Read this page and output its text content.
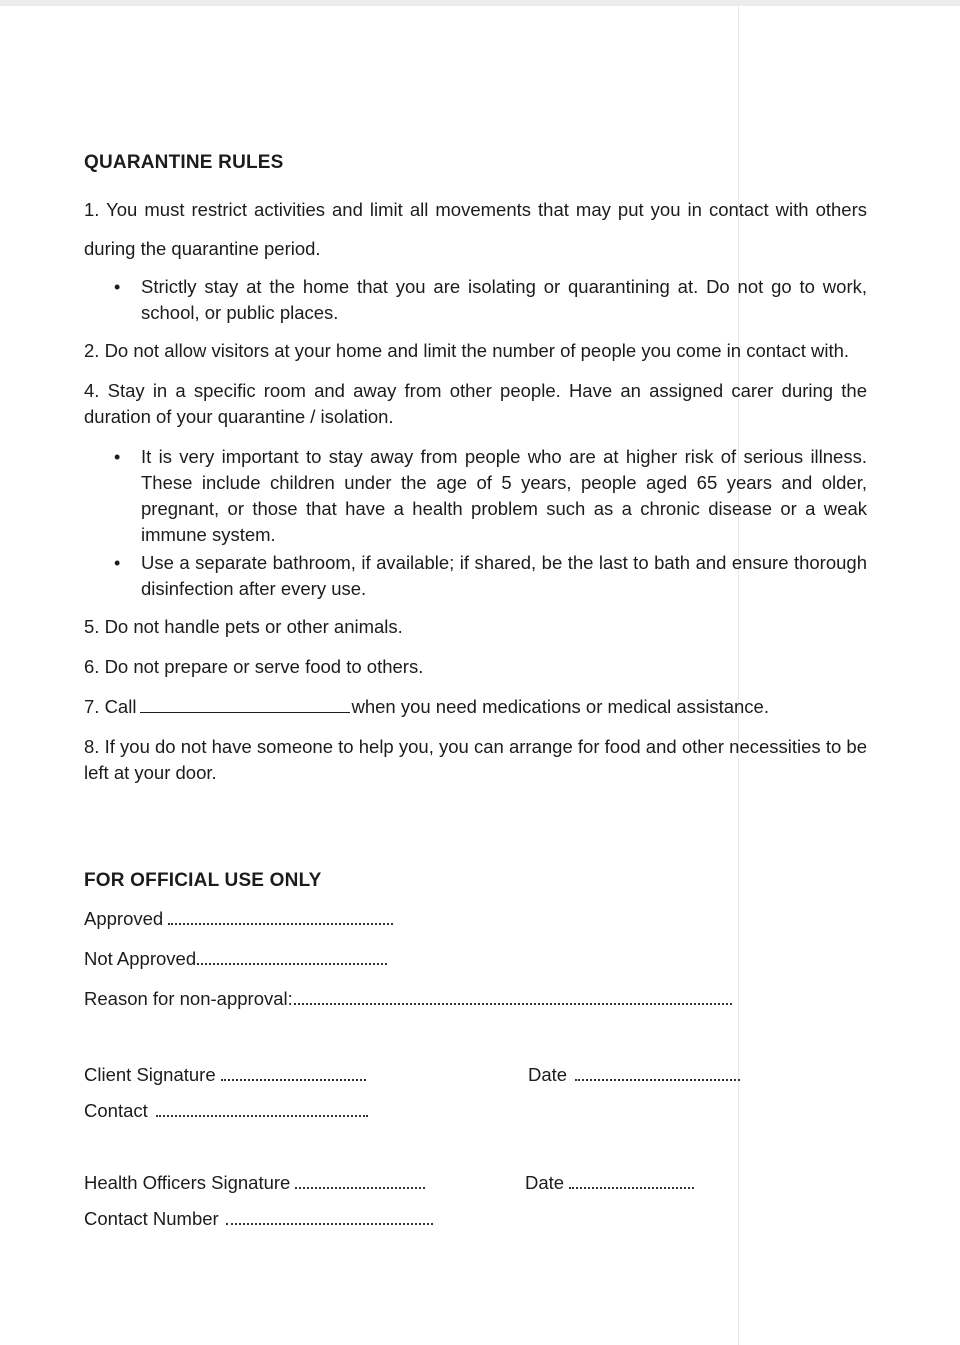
QUARANTINE RULES
1. You must restrict activities and limit all movements that may put you in contact with others during the quarantine period.
• Strictly stay at the home that you are isolating or quarantining at. Do not go to work, school, or public places.
2. Do not allow visitors at your home and limit the number of people you come in contact with.
4. Stay in a specific room and away from other people. Have an assigned carer during the duration of your quarantine / isolation.
• It is very important to stay away from people who are at higher risk of serious illness. These include children under the age of 5 years, people aged 65 years and older, pregnant, or those that have a health problem such as a chronic disease or a weak immune system.
• Use a separate bathroom, if available; if shared, be the last to bath and ensure thorough disinfection after every use.
5. Do not handle pets or other animals.
6. Do not prepare or serve food to others.
7. Call	when you need medications or medical assistance.
8. If you do not have someone to help you, you can arrange for food and other necessities to be left at your door.
FOR OFFICIAL USE ONLY
Approved
Not Approved
Reason for non-approval:
Client Signature	Date
Contact
Health Officers Signature	Date
Contact Number
